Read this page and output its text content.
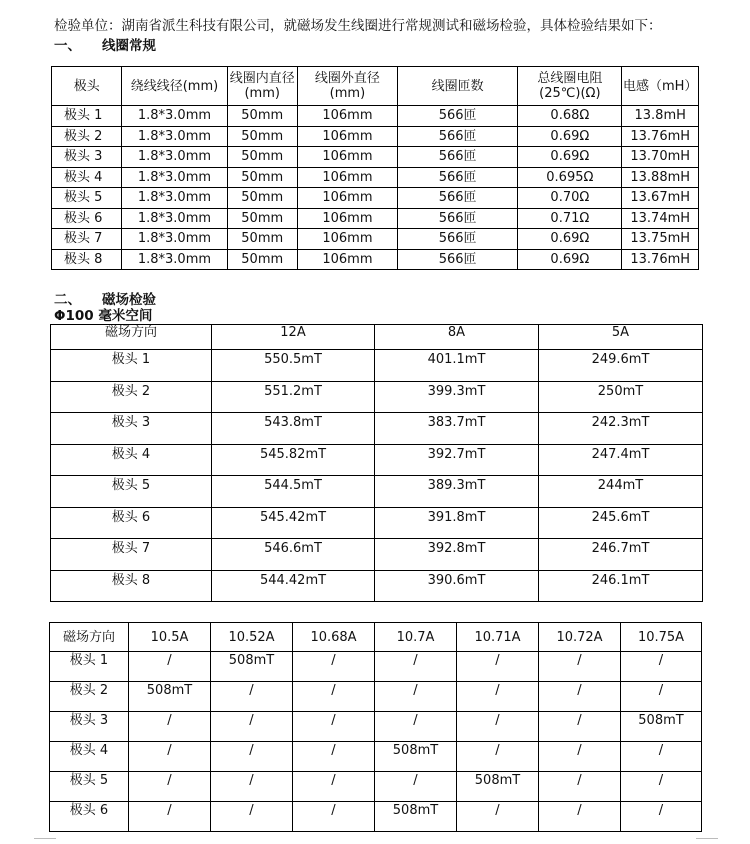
检验单位：湖南省派生科技有限公司，就磁场发生线圈进行常规测试和磁场检验，具体检验结果如下：
一、 线圈常规
极头	绕线线径(mm)	线圈内直径(mm)	线圈外直径(mm)	线圈匝数	总线圈电阻(25℃)(Ω)	电感（mH）
极头 1	1.8*3.0mm	50mm	106mm	566匝	0.68Ω	13.8mH
极头 2	1.8*3.0mm	50mm	106mm	566匝	0.69Ω	13.76mH
极头 3	1.8*3.0mm	50mm	106mm	566匝	0.69Ω	13.70mH
极头 4	1.8*3.0mm	50mm	106mm	566匝	0.695Ω	13.88mH
极头 5	1.8*3.0mm	50mm	106mm	566匝	0.70Ω	13.67mH
极头 6	1.8*3.0mm	50mm	106mm	566匝	0.71Ω	13.74mH
极头 7	1.8*3.0mm	50mm	106mm	566匝	0.69Ω	13.75mH
极头 8	1.8*3.0mm	50mm	106mm	566匝	0.69Ω	13.76mH
二、 磁场检验
Φ100 毫米空间
磁场方向	12A	8A	5A
极头 1	550.5mT	401.1mT	249.6mT
极头 2	551.2mT	399.3mT	250mT
极头 3	543.8mT	383.7mT	242.3mT
极头 4	545.82mT	392.7mT	247.4mT
极头 5	544.5mT	389.3mT	244mT
极头 6	545.42mT	391.8mT	245.6mT
极头 7	546.6mT	392.8mT	246.7mT
极头 8	544.42mT	390.6mT	246.1mT
磁场方向	10.5A	10.52A	10.68A	10.7A	10.71A	10.72A	10.75A
极头 1	/	508mT	/	/	/	/	/
极头 2	508mT	/	/	/	/	/	/
极头 3	/	/	/	/	/	/	508mT
极头 4	/	/	/	508mT	/	/	/
极头 5	/	/	/	/	508mT	/	/
极头 6	/	/	/	508mT	/	/	/
